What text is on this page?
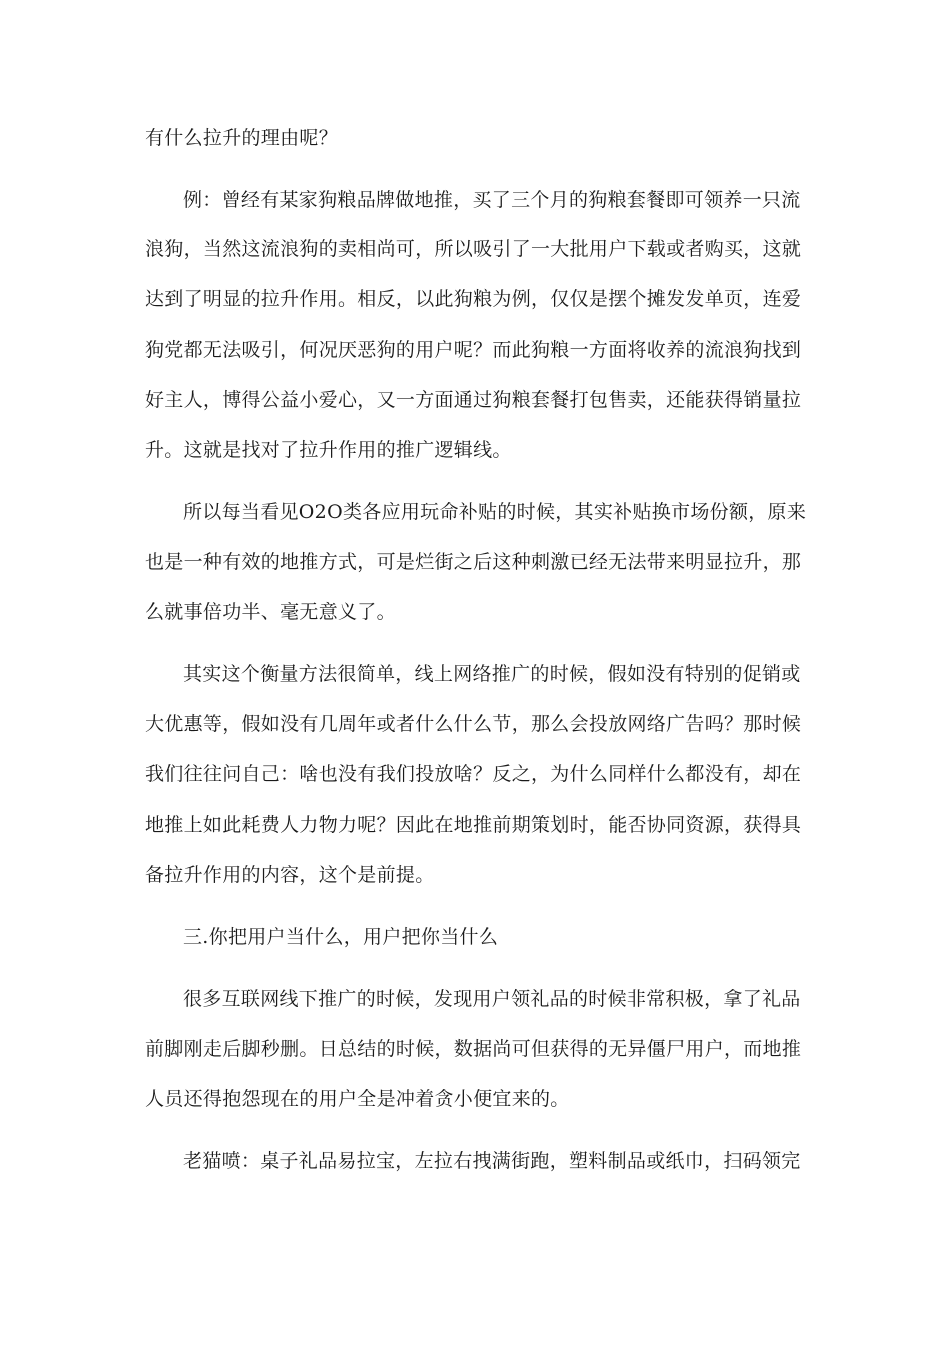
有什么拉升的理由呢？
例：曾经有某家狗粮品牌做地推，买了三个月的狗粮套餐即可领养一只流
浪狗，当然这流浪狗的卖相尚可，所以吸引了一大批用户下载或者购买，这就
达到了明显的拉升作用。相反，以此狗粮为例，仅仅是摆个摊发发单页，连爱
狗党都无法吸引，何况厌恶狗的用户呢？而此狗粮一方面将收养的流浪狗找到
好主人，博得公益小爱心，又一方面通过狗粮套餐打包售卖，还能获得销量拉
升。这就是找对了拉升作用的推广逻辑线。
所以每当看见O2O类各应用玩命补贴的时候，其实补贴换市场份额，原来
也是一种有效的地推方式，可是烂街之后这种刺激已经无法带来明显拉升，那
么就事倍功半、毫无意义了。
其实这个衡量方法很简单，线上网络推广的时候，假如没有特别的促销或
大优惠等，假如没有几周年或者什么什么节，那么会投放网络广告吗？那时候
我们往往问自己：啥也没有我们投放啥？反之，为什么同样什么都没有，却在
地推上如此耗费人力物力呢？因此在地推前期策划时，能否协同资源，获得具
备拉升作用的内容，这个是前提。
三.你把用户当什么，用户把你当什么
很多互联网线下推广的时候，发现用户领礼品的时候非常积极，拿了礼品
前脚刚走后脚秒删。日总结的时候，数据尚可但获得的无异僵尸用户，而地推
人员还得抱怨现在的用户全是冲着贪小便宜来的。
老猫喷：桌子礼品易拉宝，左拉右拽满街跑，塑料制品或纸巾，扫码领完
